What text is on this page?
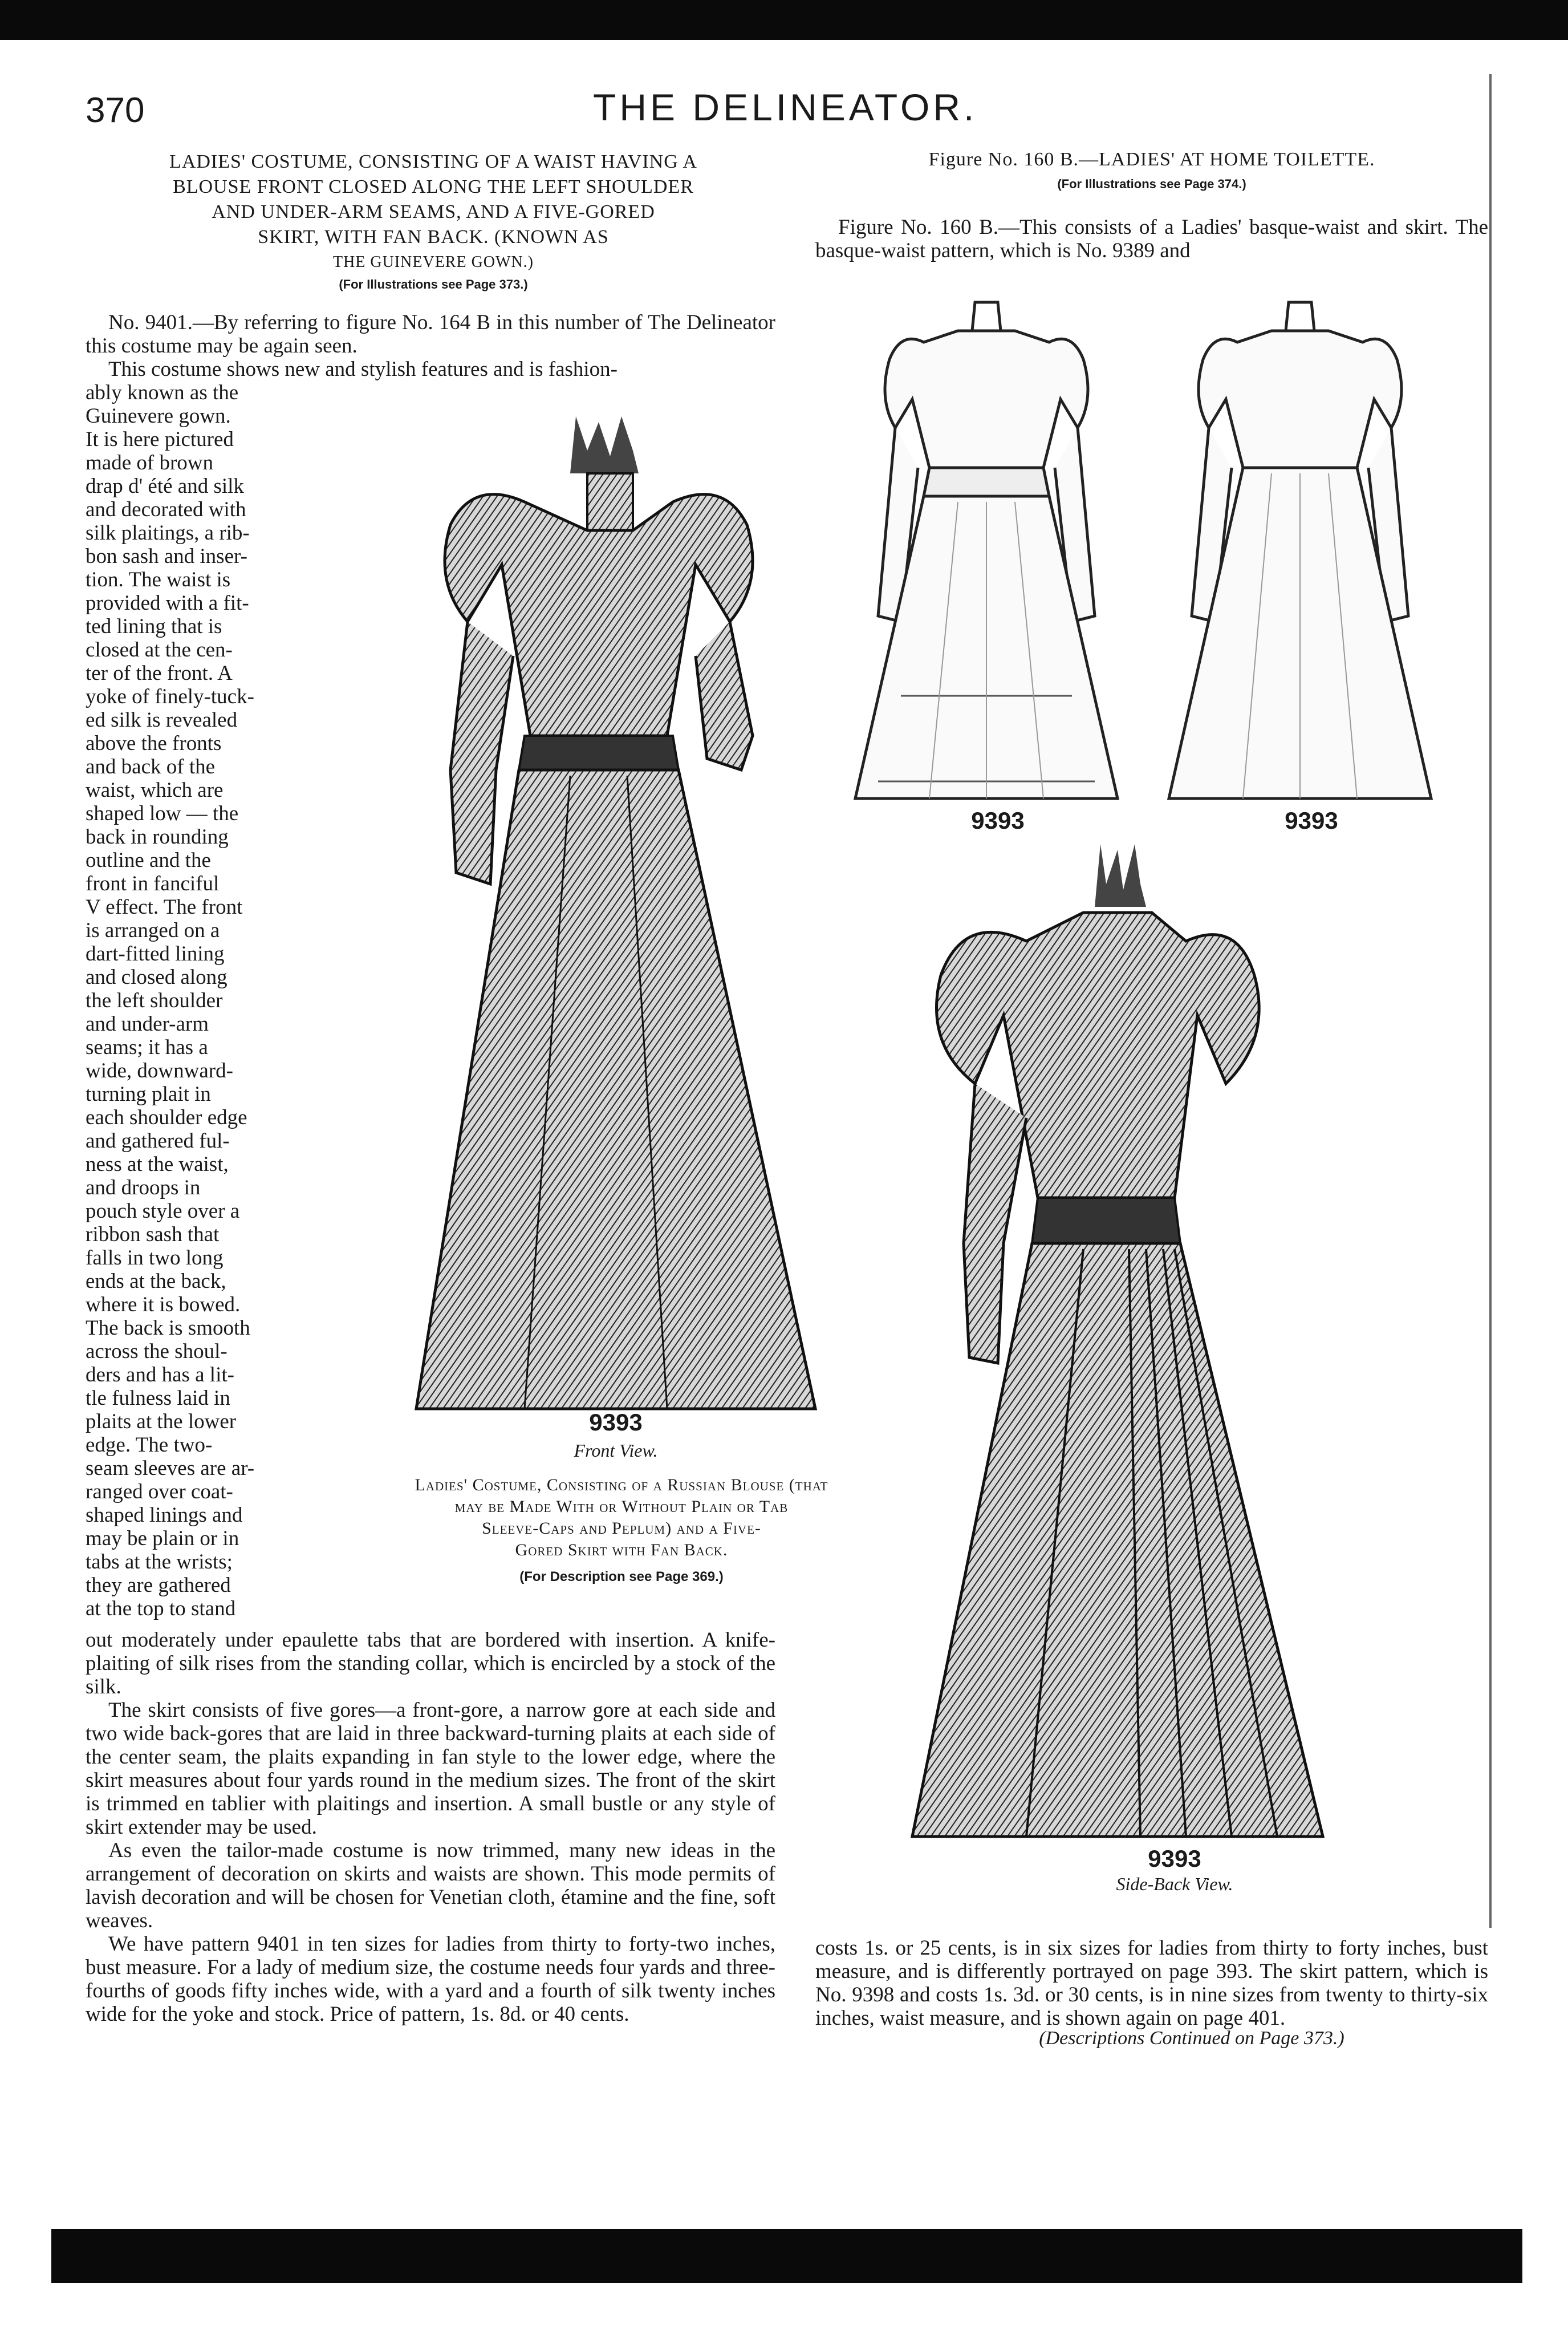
370	THE DELINEATOR.
LADIES' COSTUME, CONSISTING OF A WAIST HAVING A
BLOUSE FRONT CLOSED ALONG THE LEFT SHOULDER
AND UNDER-ARM SEAMS, AND A FIVE-GORED
SKIRT, WITH FAN BACK. (KNOWN AS
THE GUINEVERE GOWN.)
(For Illustrations see Page 373.)
No. 9401.—By referring to figure No. 164 B in this number of The Delineator this costume may be again seen.
This costume shows new and stylish features and is fashion-
ably known as the
Guinevere gown.
It is here pictured
made of brown
drap d' été and silk
and decorated with
silk plaitings, a rib-
bon sash and inser-
tion. The waist is
provided with a fit-
ted lining that is
closed at the cen-
ter of the front. A
yoke of finely-tuck-
ed silk is revealed
above the fronts
and back of the
waist, which are
shaped low — the
back in rounding
outline and the
front in fanciful
V effect. The front
is arranged on a
dart-fitted lining
and closed along
the left shoulder
and under-arm
seams; it has a
wide, downward-
turning plait in
each shoulder edge
and gathered ful-
ness at the waist,
and droops in
pouch style over a
ribbon sash that
falls in two long
ends at the back,
where it is bowed.
The back is smooth
across the shoul-
ders and has a lit-
tle fulness laid in
plaits at the lower
edge. The two-
seam sleeves are ar-
ranged over coat-
shaped linings and
may be plain or in
tabs at the wrists;
they are gathered
at the top to stand

out moderately under epaulette tabs that are bordered with insertion. A knife-plaiting of silk rises from the standing collar, which is encircled by a stock of the silk.

The skirt consists of five gores—a front-gore, a narrow gore at each side and two wide back-gores that are laid in three backward-turning plaits at each side of the center seam, the plaits expanding in fan style to the lower edge, where the skirt measures about four yards round in the medium sizes. The front of the skirt is trimmed en tablier with plaitings and insertion. A small bustle or any style of skirt extender may be used.

As even the tailor-made costume is now trimmed, many new ideas in the arrangement of decoration on skirts and waists are shown. This mode permits of lavish decoration and will be chosen for Venetian cloth, étamine and the fine, soft weaves.

We have pattern 9401 in ten sizes for ladies from thirty to forty-two inches, bust measure. For a lady of medium size, the costume needs four yards and three-fourths of goods fifty inches wide, with a yard and a fourth of silk twenty inches wide for the yoke and stock. Price of pattern, 1s. 8d. or 40 cents.

Figure No. 160 B.—LADIES' AT HOME TOILETTE.
(For Illustrations see Page 374.)
Figure No. 160 B.—This consists of a Ladies' basque-waist and skirt. The basque-waist pattern, which is No. 9389 and
9393	9393
9393
Front View.
Ladies' Costume, Consisting of a Russian Blouse (that
may be Made With or Without Plain or Tab
Sleeve-Caps and Peplum) and a Five-
Gored Skirt with Fan Back.
(For Description see Page 369.)
9393
Side-Back View.
costs 1s. or 25 cents, is in six sizes for ladies from thirty to forty inches, bust measure, and is differently portrayed on page 393. The skirt pattern, which is No. 9398 and costs 1s. 3d. or 30 cents, is in nine sizes from twenty to thirty-six inches, waist measure, and is shown again on page 401.
(Descriptions Continued on Page 373.)
